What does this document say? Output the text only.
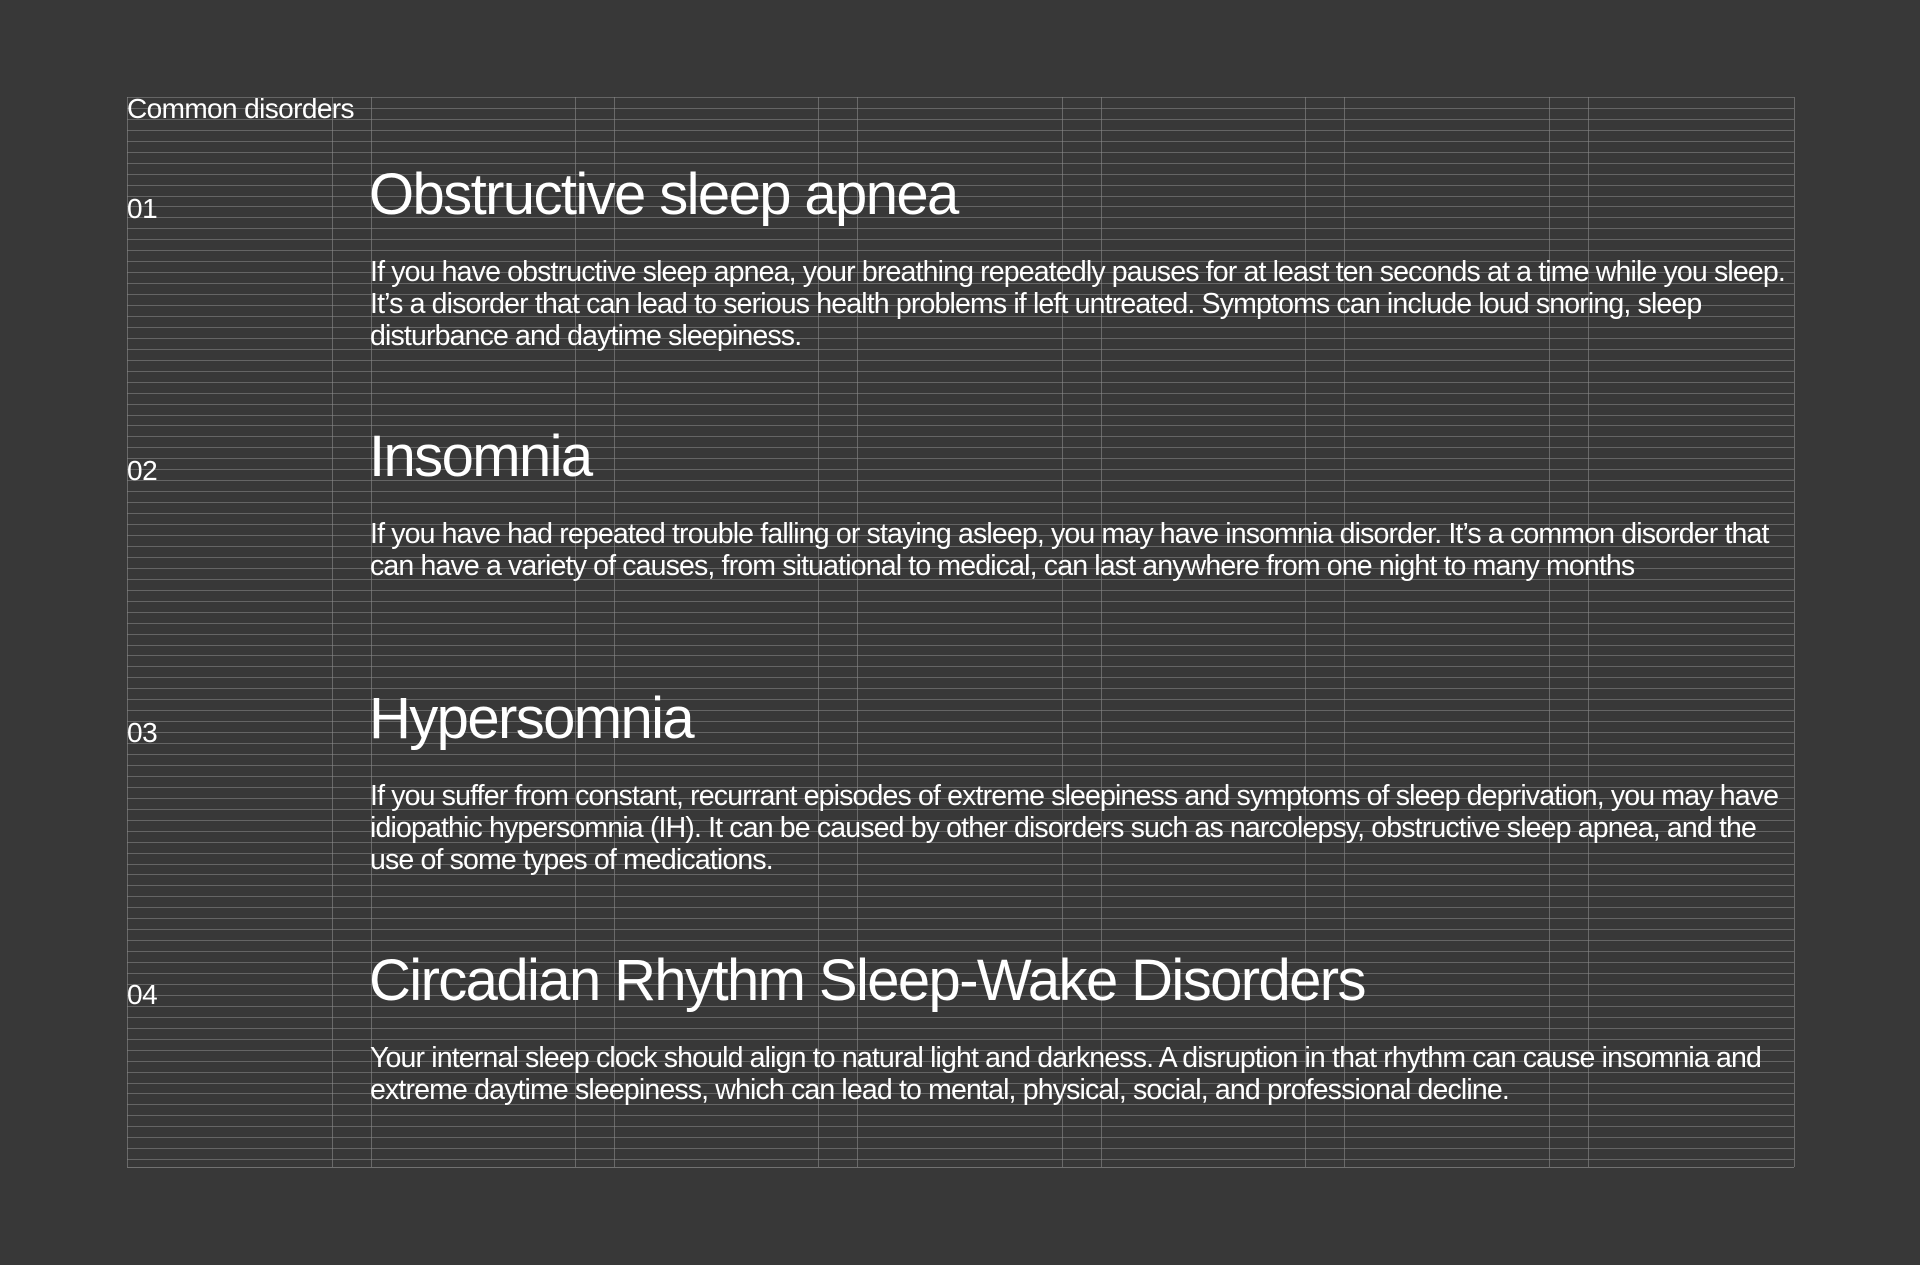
Common disorders
01	Obstructive sleep apnea

If you have obstructive sleep apnea, your breathing repeatedly pauses for at least ten seconds at a time while you sleep. It’s a disorder that can lead to serious health problems if left untreated. Symptoms can include loud snoring, sleep disturbance and daytime sleepiness.

02	Insomnia

If you have had repeated trouble falling or staying asleep, you may have insomnia disorder. It’s a common disorder that can have a variety of causes, from situational to medical, can last anywhere from one night to many months

03	Hypersomnia

If you suffer from constant, recurrant episodes of extreme sleepiness and symptoms of sleep deprivation, you may have idiopathic hypersomnia (IH). It can be caused by other disorders such as narcolepsy, obstructive sleep apnea, and the use of some types of medications.

04	Circadian Rhythm Sleep-Wake Disorders

Your internal sleep clock should align to natural light and darkness. A disruption in that rhythm can cause insomnia and extreme daytime sleepiness, which can lead to mental, physical, social, and professional decline.
